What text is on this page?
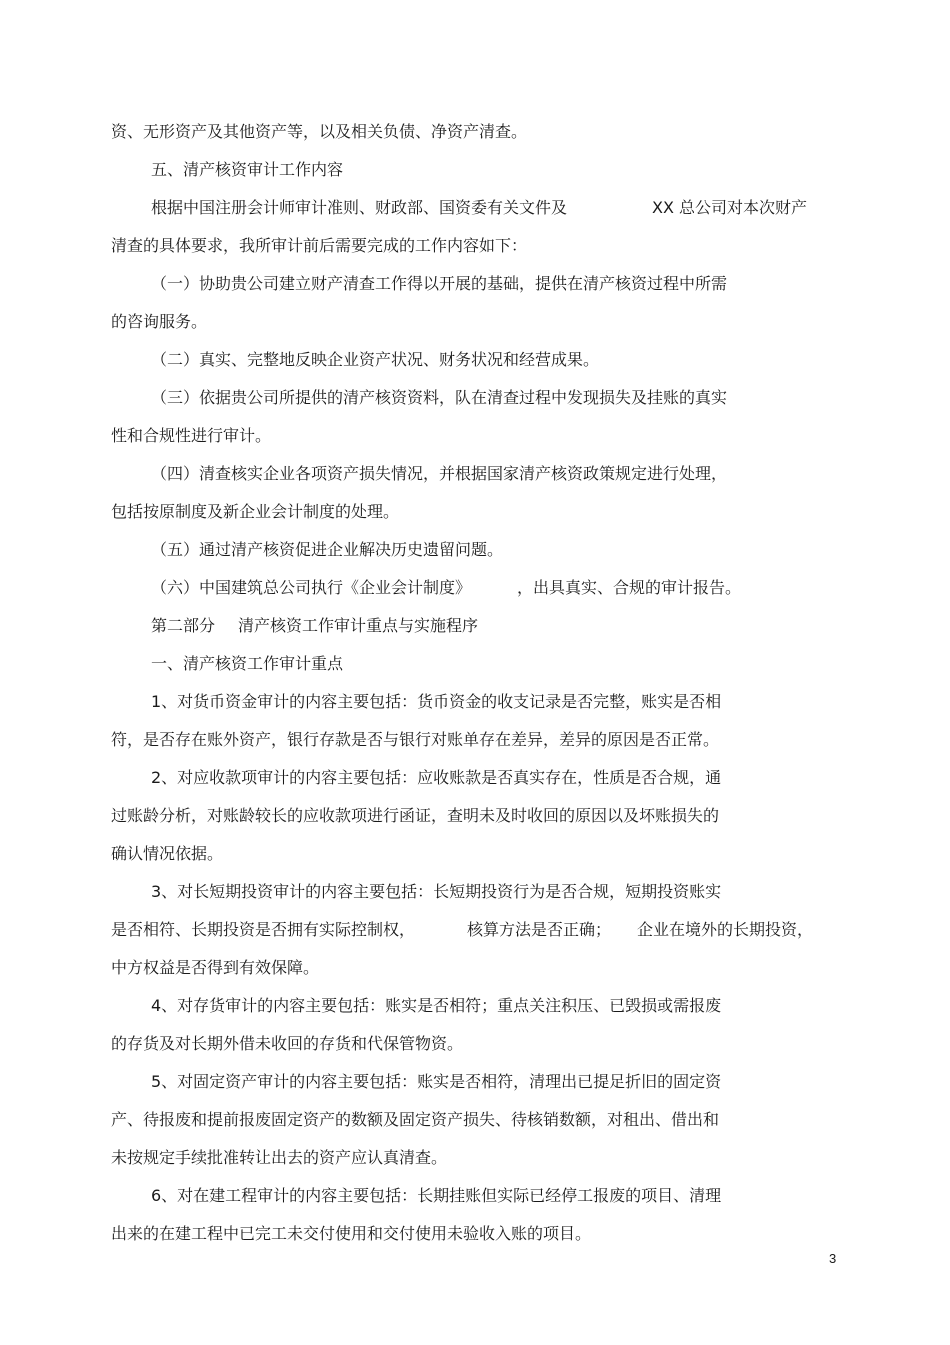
资、无形资产及其他资产等，以及相关负债、净资产清查。
五、清产核资审计工作内容
根据中国注册会计师审计准则、财政部、国资委有关文件及	XX 总公司对本次财产
清查的具体要求，我所审计前后需要完成的工作内容如下：
（一）协助贵公司建立财产清查工作得以开展的基础，提供在清产核资过程中所需
的咨询服务。
（二）真实、完整地反映企业资产状况、财务状况和经营成果。
（三）依据贵公司所提供的清产核资资料，队在清查过程中发现损失及挂账的真实
性和合规性进行审计。
（四）清查核实企业各项资产损失情况，并根据国家清产核资政策规定进行处理，
包括按原制度及新企业会计制度的处理。
（五）通过清产核资促进企业解决历史遗留问题。
（六）中国建筑总公司执行《企业会计制度》	，出具真实、合规的审计报告。
第二部分 清产核资工作审计重点与实施程序
一、清产核资工作审计重点
1、对货币资金审计的内容主要包括：货币资金的收支记录是否完整，账实是否相
符，是否存在账外资产，银行存款是否与银行对账单存在差异，差异的原因是否正常。
2、对应收款项审计的内容主要包括：应收账款是否真实存在，性质是否合规，通
过账龄分析，对账龄较长的应收款项进行函证，查明未及时收回的原因以及坏账损失的
确认情况依据。
3、对长短期投资审计的内容主要包括：长短期投资行为是否合规，短期投资账实
是否相符、长期投资是否拥有实际控制权，	核算方法是否正确； 企业在境外的长期投资，
中方权益是否得到有效保障。
4、对存货审计的内容主要包括：账实是否相符；重点关注积压、已毁损或需报废
的存货及对长期外借未收回的存货和代保管物资。
5、对固定资产审计的内容主要包括：账实是否相符，清理出已提足折旧的固定资
产、待报废和提前报废固定资产的数额及固定资产损失、待核销数额，对租出、借出和
未按规定手续批准转让出去的资产应认真清查。
6、对在建工程审计的内容主要包括：长期挂账但实际已经停工报废的项目、清理
出来的在建工程中已完工未交付使用和交付使用未验收入账的项目。
3
